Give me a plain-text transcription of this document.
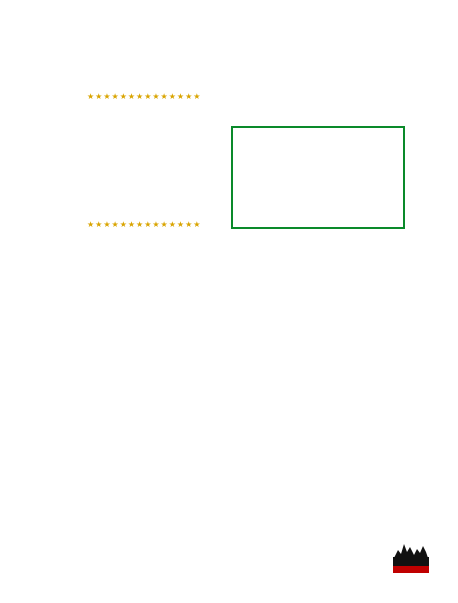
★★★★★★★★★★★★★★
★★★★★★★★★★★★★★
